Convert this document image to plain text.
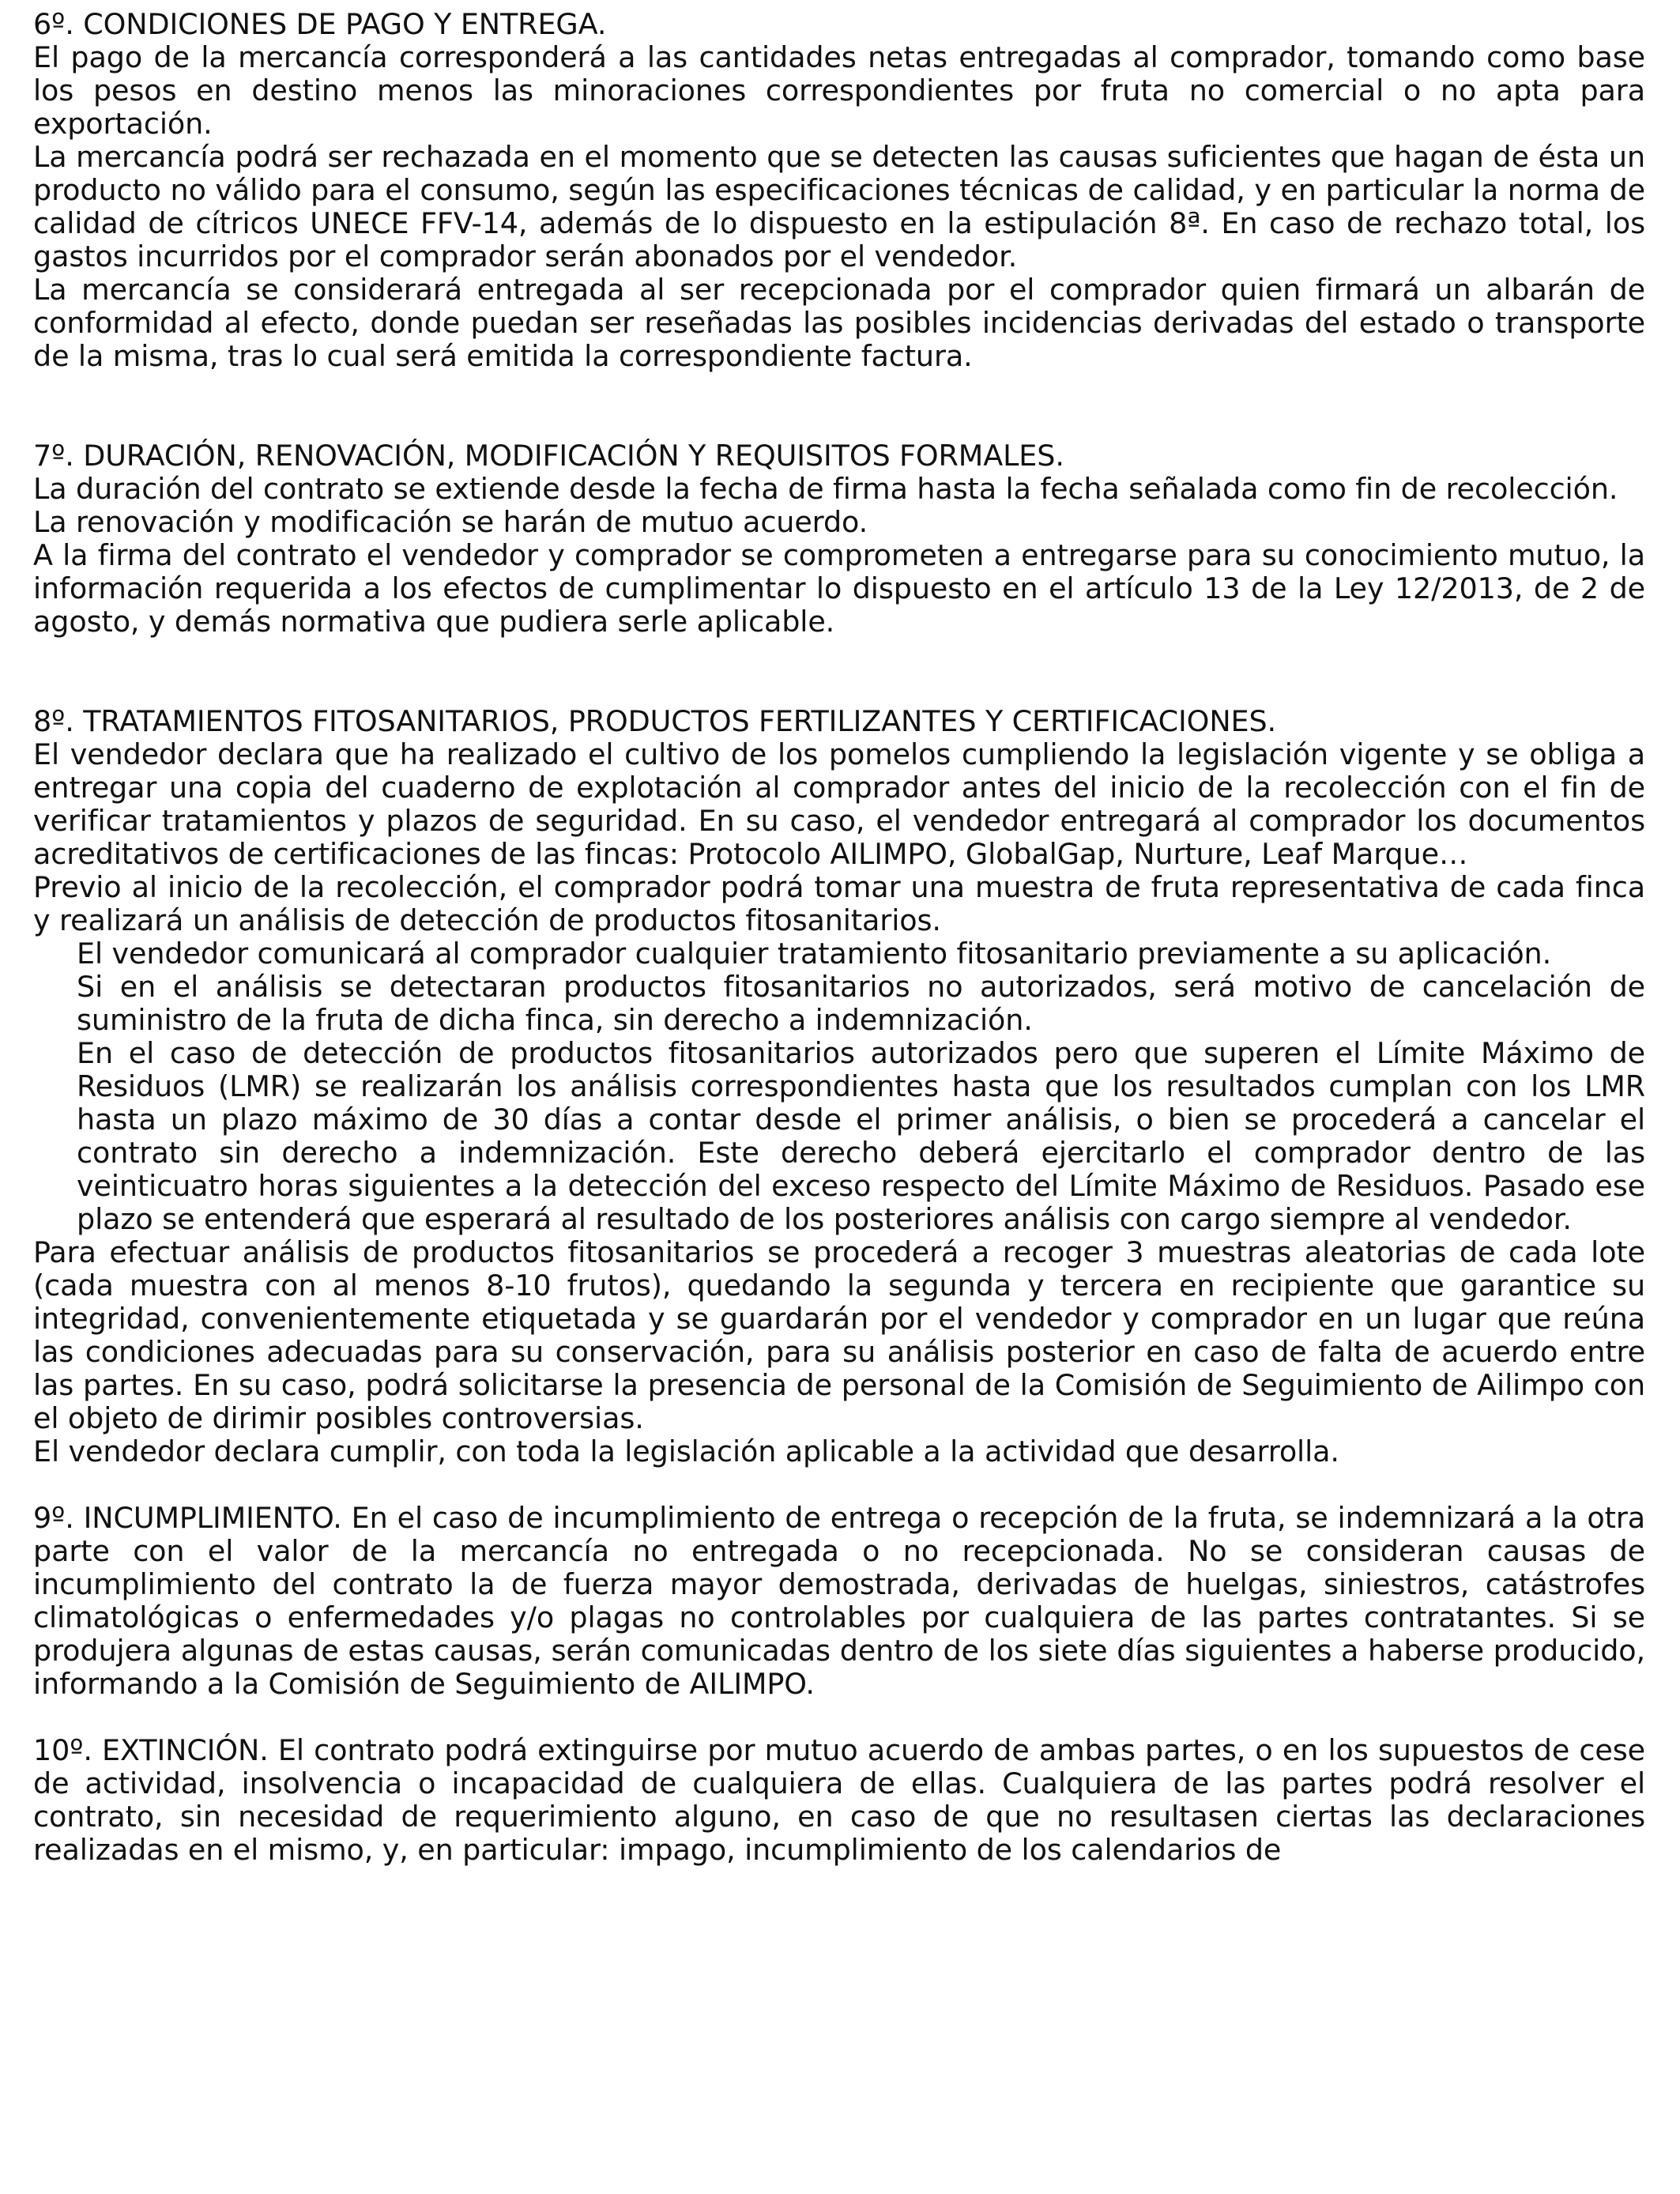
6º. CONDICIONES DE PAGO Y ENTREGA.

El pago de la mercancía corresponderá a las cantidades netas entregadas al comprador, tomando como base los pesos en destino menos las minoraciones correspondientes por fruta no comercial o no apta para exportación.

La mercancía podrá ser rechazada en el momento que se detecten las causas suficientes que hagan de ésta un producto no válido para el consumo, según las especificaciones técnicas de calidad, y en particular la norma de calidad de cítricos UNECE FFV-14, además de lo dispuesto en la estipulación 8ª. En caso de rechazo total, los gastos incurridos por el comprador serán abonados por el vendedor.

La mercancía se considerará entregada al ser recepcionada por el comprador quien firmará un albarán de conformidad al efecto, donde puedan ser reseñadas las posibles incidencias derivadas del estado o transporte de la misma, tras lo cual será emitida la correspondiente factura.

7º. DURACIÓN, RENOVACIÓN, MODIFICACIÓN Y REQUISITOS FORMALES.

La duración del contrato se extiende desde la fecha de firma hasta la fecha señalada como fin de recolección.

La renovación y modificación se harán de mutuo acuerdo.

A la firma del contrato el vendedor y comprador se comprometen a entregarse para su conocimiento mutuo, la información requerida a los efectos de cumplimentar lo dispuesto en el artículo 13 de la Ley 12/2013, de 2 de agosto, y demás normativa que pudiera serle aplicable.

8º. TRATAMIENTOS FITOSANITARIOS, PRODUCTOS FERTILIZANTES Y CERTIFICACIONES.

El vendedor declara que ha realizado el cultivo de los pomelos cumpliendo la legislación vigente y se obliga a entregar una copia del cuaderno de explotación al comprador antes del inicio de la recolección con el fin de verificar tratamientos y plazos de seguridad. En su caso, el vendedor entregará al comprador los documentos acreditativos de certificaciones de las fincas: Protocolo AILIMPO, GlobalGap, Nurture, Leaf Marque…

Previo al inicio de la recolección, el comprador podrá tomar una muestra de fruta representativa de cada finca y realizará un análisis de detección de productos fitosanitarios.

El vendedor comunicará al comprador cualquier tratamiento fitosanitario previamente a su aplicación.

Si en el análisis se detectaran productos fitosanitarios no autorizados, será motivo de cancelación de suministro de la fruta de dicha finca, sin derecho a indemnización.

En el caso de detección de productos fitosanitarios autorizados pero que superen el Límite Máximo de Residuos (LMR) se realizarán los análisis correspondientes hasta que los resultados cumplan con los LMR hasta un plazo máximo de 30 días a contar desde el primer análisis, o bien se procederá a cancelar el contrato sin derecho a indemnización. Este derecho deberá ejercitarlo el comprador dentro de las veinticuatro horas siguientes a la detección del exceso respecto del Límite Máximo de Residuos. Pasado ese plazo se entenderá que esperará al resultado de los posteriores análisis con cargo siempre al vendedor.

Para efectuar análisis de productos fitosanitarios se procederá a recoger 3 muestras aleatorias de cada lote (cada muestra con al menos 8-10 frutos), quedando la segunda y tercera en recipiente que garantice su integridad, convenientemente etiquetada y se guardarán por el vendedor y comprador en un lugar que reúna las condiciones adecuadas para su conservación, para su análisis posterior en caso de falta de acuerdo entre las partes. En su caso, podrá solicitarse la presencia de personal de la Comisión de Seguimiento de Ailimpo con el objeto de dirimir posibles controversias.

El vendedor declara cumplir, con toda la legislación aplicable a la actividad que desarrolla.

9º. INCUMPLIMIENTO. En el caso de incumplimiento de entrega o recepción de la fruta, se indemnizará a la otra parte con el valor de la mercancía no entregada o no recepcionada. No se consideran causas de incumplimiento del contrato la de fuerza mayor demostrada, derivadas de huelgas, siniestros, catástrofes climatológicas o enfermedades y/o plagas no controlables por cualquiera de las partes contratantes. Si se produjera algunas de estas causas, serán comunicadas dentro de los siete días siguientes a haberse producido, informando a la Comisión de Seguimiento de AILIMPO.

10º. EXTINCIÓN. El contrato podrá extinguirse por mutuo acuerdo de ambas partes, o en los supuestos de cese de actividad, insolvencia o incapacidad de cualquiera de ellas. Cualquiera de las partes podrá resolver el contrato, sin necesidad de requerimiento alguno, en caso de que no resultasen ciertas las declaraciones realizadas en el mismo, y, en particular: impago, incumplimiento de los calendarios de
